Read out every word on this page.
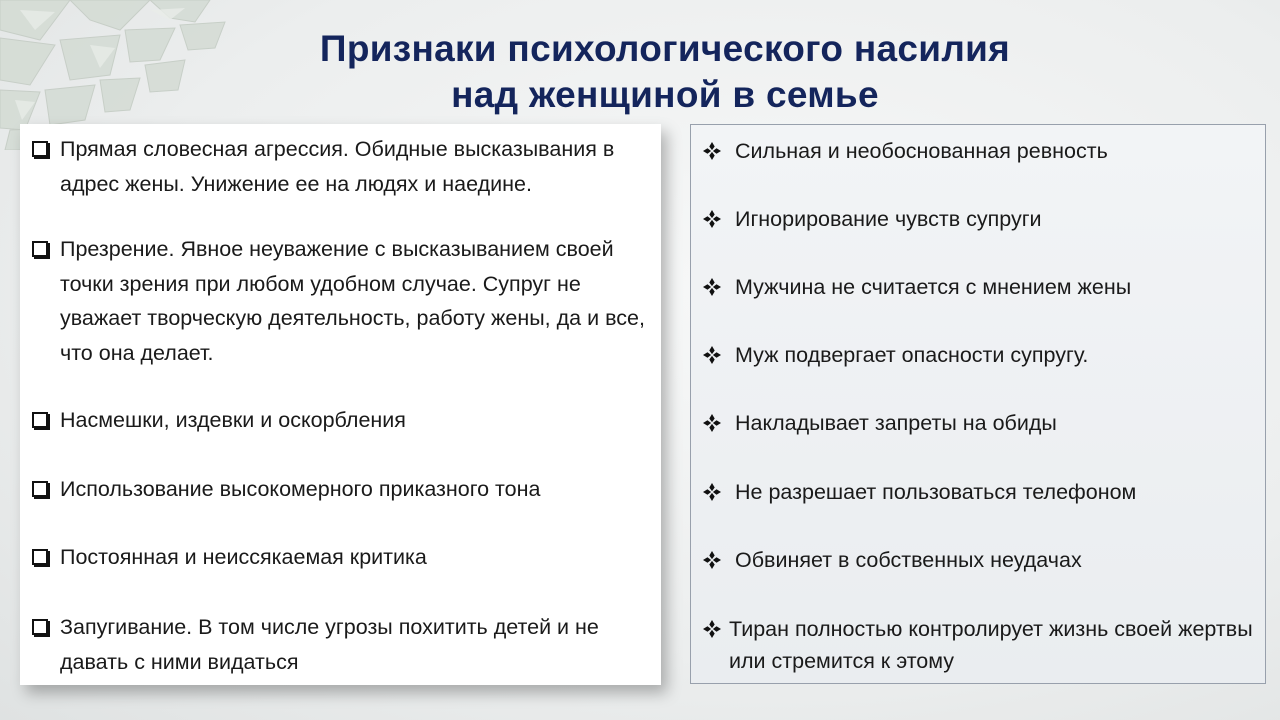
Признаки психологического насилия
над женщиной в семье
Прямая словесная агрессия. Обидные высказывания в адрес жены. Унижение ее на людях и наедине.
Презрение. Явное неуважение с высказыванием своей точки зрения при любом удобном случае. Супруг не уважает творческую деятельность, работу жены, да и все, что она делает.
Насмешки, издевки и оскорбления
Использование высокомерного приказного тона
Постоянная и неиссякаемая критика
Запугивание. В том числе угрозы похитить детей и не давать с ними видаться
Сильная и необоснованная ревность
Игнорирование чувств супруги
Мужчина не считается с мнением жены
Муж подвергает опасности супругу.
Накладывает запреты на обиды
Не разрешает пользоваться телефоном
Обвиняет в собственных неудачах
Тиран полностью контролирует жизнь своей жертвы или стремится к этому
